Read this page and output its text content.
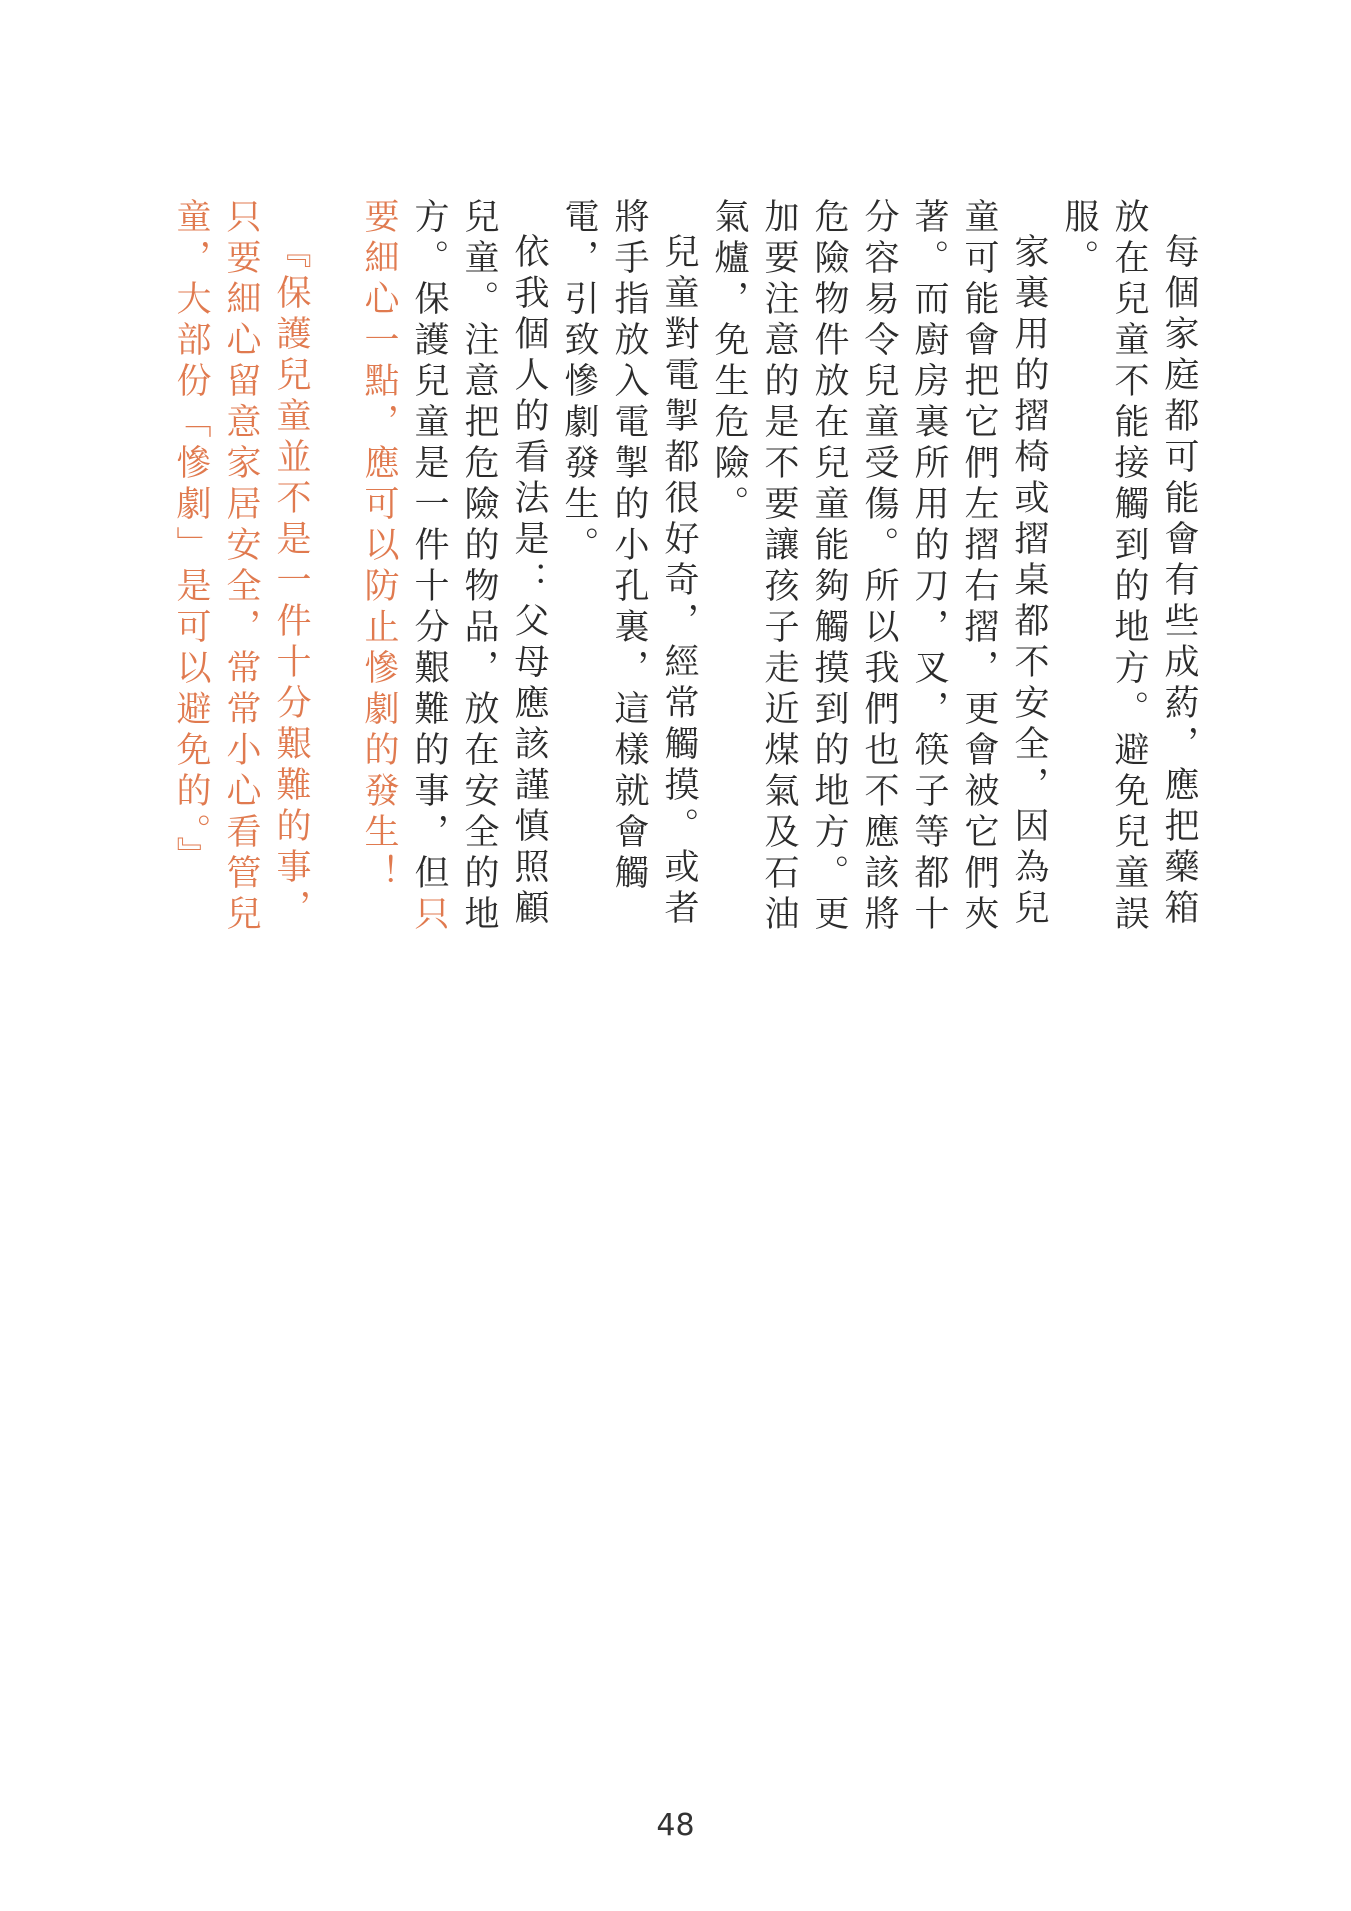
每個家庭都可能會有些成葯，應把藥箱放在兒童不能接觸到的地方。避免兒童誤服。

家裏用的摺椅或摺桌都不安全，因為兒童可能會把它們左摺右摺，更會被它們夾著。而廚房裏所用的刀，叉，筷子等都十分容易令兒童受傷。所以我們也不應該將危險物件放在兒童能夠觸摸到的地方。更加要注意的是不要讓孩子走近煤氣及石油氣爐，免生危險。

兒童對電掣都很好奇，經常觸摸。或者將手指放入電掣的小孔裏，這樣就會觸電，引致慘劇發生。

依我個人的看法是：父母應該謹慎照顧兒童。注意把危險的物品，放在安全的地方。保護兒童是一件十分艱難的事，但只要細心一點，應可以防止慘劇的發生！

『保護兒童並不是一件十分艱難的事，只要細心留意家居安全，常常小心看管兒童，大部份「慘劇」是可以避免的。』

48
